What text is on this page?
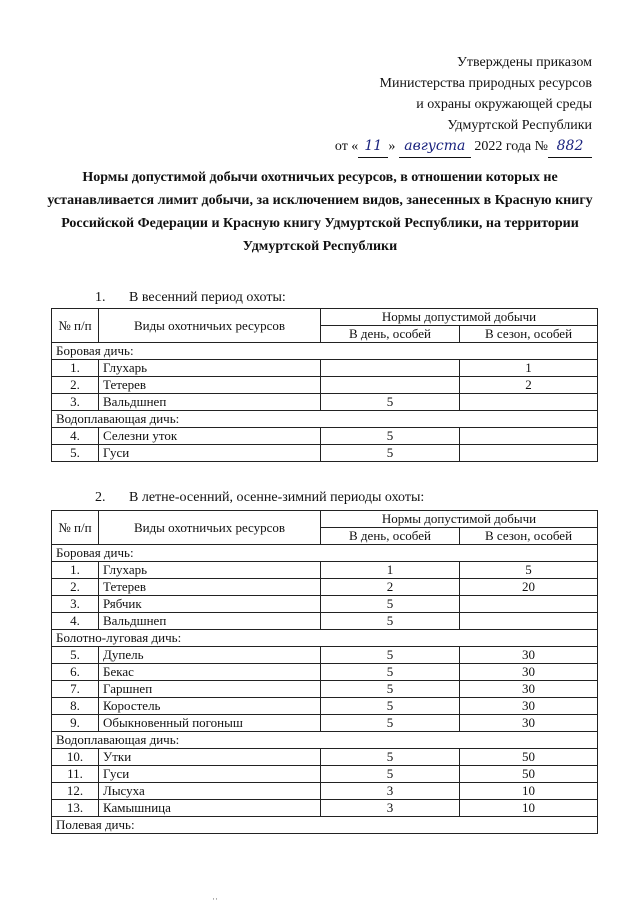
Утверждены приказом
Министерства природных ресурсов
и охраны окружающей среды
Удмуртской Республики
от « 11 » августа 2022 года № 882
Нормы допустимой добычи охотничьих ресурсов, в отношении которых не устанавливается лимит добычи, за исключением видов, занесенных в Красную книгу Российской Федерации и Красную книгу Удмуртской Республики, на территории Удмуртской Республики
1. В весенний период охоты:
№ п/п	Виды охотничьих ресурсов	Нормы допустимой добычи	
		В день, особей	В сезон, особей
Боровая дичь:			
1.	Глухарь		1
2.	Тетерев		2
3.	Вальдшнеп	5	
Водоплавающая дичь:			
4.	Селезни уток	5	
5.	Гуси	5	
2. В летне-осенний, осенне-зимний периоды охоты:
№ п/п	Виды охотничьих ресурсов	Нормы допустимой добычи	
		В день, особей	В сезон, особей
Боровая дичь:			
1.	Глухарь	1	5
2.	Тетерев	2	20
3.	Рябчик	5	
4.	Вальдшнеп	5	
Болотно-луговая дичь:			
5.	Дупель	5	30
6.	Бекас	5	30
7.	Гаршнеп	5	30
8.	Коростель	5	30
9.	Обыкновенный погоныш	5	30
Водоплавающая дичь:			
10.	Утки	5	50
11.	Гуси	5	50
12.	Лысуха	3	10
13.	Камышница	3	10
Полевая дичь:			
··
